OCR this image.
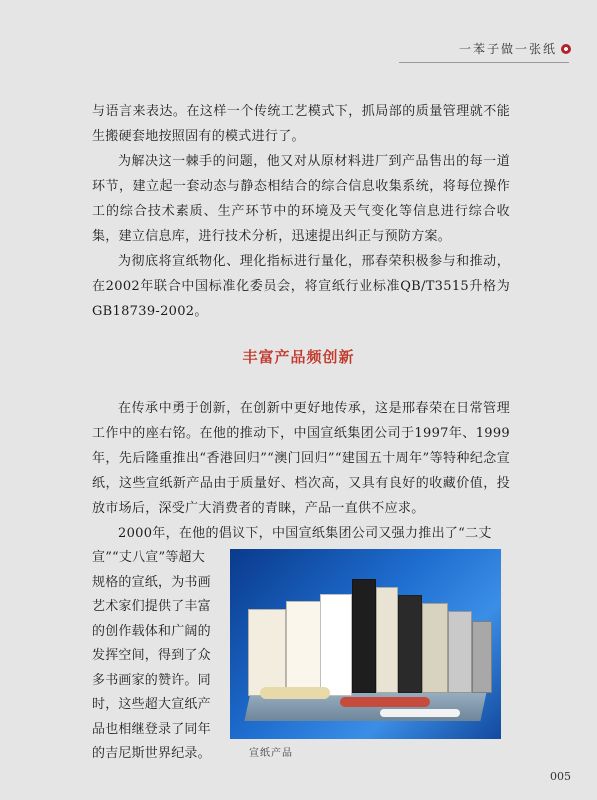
一苯子做一张纸

与语言来表达。在这样一个传统工艺模式下，抓局部的质量管理就不能生搬硬套地按照固有的模式进行了。

为解决这一棘手的问题，他又对从原材料进厂到产品售出的每一道环节，建立起一套动态与静态相结合的综合信息收集系统，将每位操作工的综合技术素质、生产环节中的环境及天气变化等信息进行综合收集，建立信息库，进行技术分析，迅速提出纠正与预防方案。

为彻底将宣纸物化、理化指标进行量化，邢春荣积极参与和推动，在2002年联合中国标准化委员会，将宣纸行业标准QB/T3515升格为GB18739-2002。

丰富产品频创新

在传承中勇于创新，在创新中更好地传承，这是邢春荣在日常管理工作中的座右铭。在他的推动下，中国宣纸集团公司于1997年、1999年，先后隆重推出“香港回归”“澳门回归”“建国五十周年”等特种纪念宣纸，这些宣纸新产品由于质量好、档次高，又具有良好的收藏价值，投放市场后，深受广大消费者的青睐，产品一直供不应求。

2000年，在他的倡议下，中国宣纸集团公司又强力推出了“二丈

宣”“丈八宣”等超大

规格的宣纸，为书画

艺术家们提供了丰富

的创作载体和广阔的

发挥空间，得到了众

多书画家的赞许。同

时，这些超大宣纸产

品也相继登录了同年

的吉尼斯世界纪录。	宣纸产品
005
